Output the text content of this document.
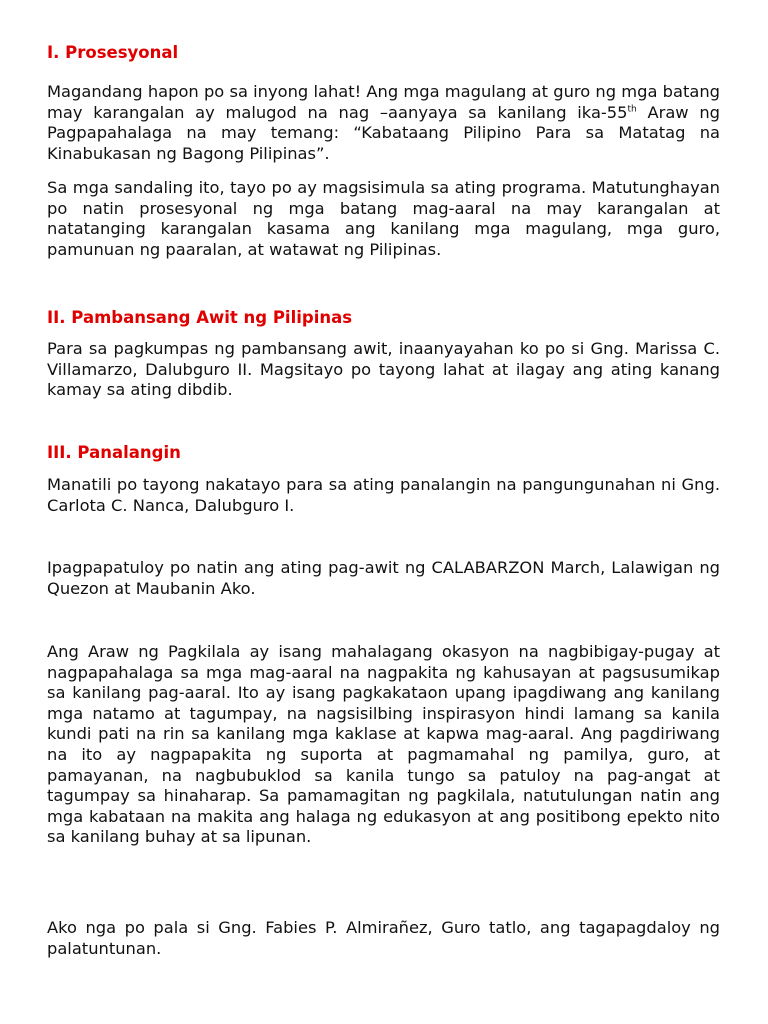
I. Prosesyonal

Magandang hapon po sa inyong lahat! Ang mga magulang at guro ng mga batang may karangalan ay malugod na nag –aanyaya sa kanilang ika-55th Araw ng Pagpapahalaga na may temang: “Kabataang Pilipino Para sa Matatag na Kinabukasan ng Bagong Pilipinas”.

Sa mga sandaling ito, tayo po ay magsisimula sa ating programa. Matutunghayan po natin prosesyonal ng mga batang mag-aaral na may karangalan at natatanging karangalan kasama ang kanilang mga magulang, mga guro, pamunuan ng paaralan, at watawat ng Pilipinas.

II. Pambansang Awit ng Pilipinas

Para sa pagkumpas ng pambansang awit, inaanyayahan ko po si Gng. Marissa C. Villamarzo, Dalubguro II. Magsitayo po tayong lahat at ilagay ang ating kanang kamay sa ating dibdib.

III. Panalangin

Manatili po tayong nakatayo para sa ating panalangin na pangungunahan ni Gng. Carlota C. Nanca, Dalubguro I.

Ipagpapatuloy po natin ang ating pag-awit ng CALABARZON March, Lalawigan ng Quezon at Maubanin Ako.

Ang Araw ng Pagkilala ay isang mahalagang okasyon na nagbibigay-pugay at nagpapahalaga sa mga mag-aaral na nagpakita ng kahusayan at pagsusumikap sa kanilang pag-aaral. Ito ay isang pagkakataon upang ipagdiwang ang kanilang mga natamo at tagumpay, na nagsisilbing inspirasyon hindi lamang sa kanila kundi pati na rin sa kanilang mga kaklase at kapwa mag-aaral. Ang pagdiriwang na ito ay nagpapakita ng suporta at pagmamahal ng pamilya, guro, at pamayanan, na nagbubuklod sa kanila tungo sa patuloy na pag-angat at tagumpay sa hinaharap. Sa pamamagitan ng pagkilala, natutulungan natin ang mga kabataan na makita ang halaga ng edukasyon at ang positibong epekto nito sa kanilang buhay at sa lipunan.

Ako nga po pala si Gng. Fabies P. Almirañez, Guro tatlo, ang tagapagdaloy ng palatuntunan.
